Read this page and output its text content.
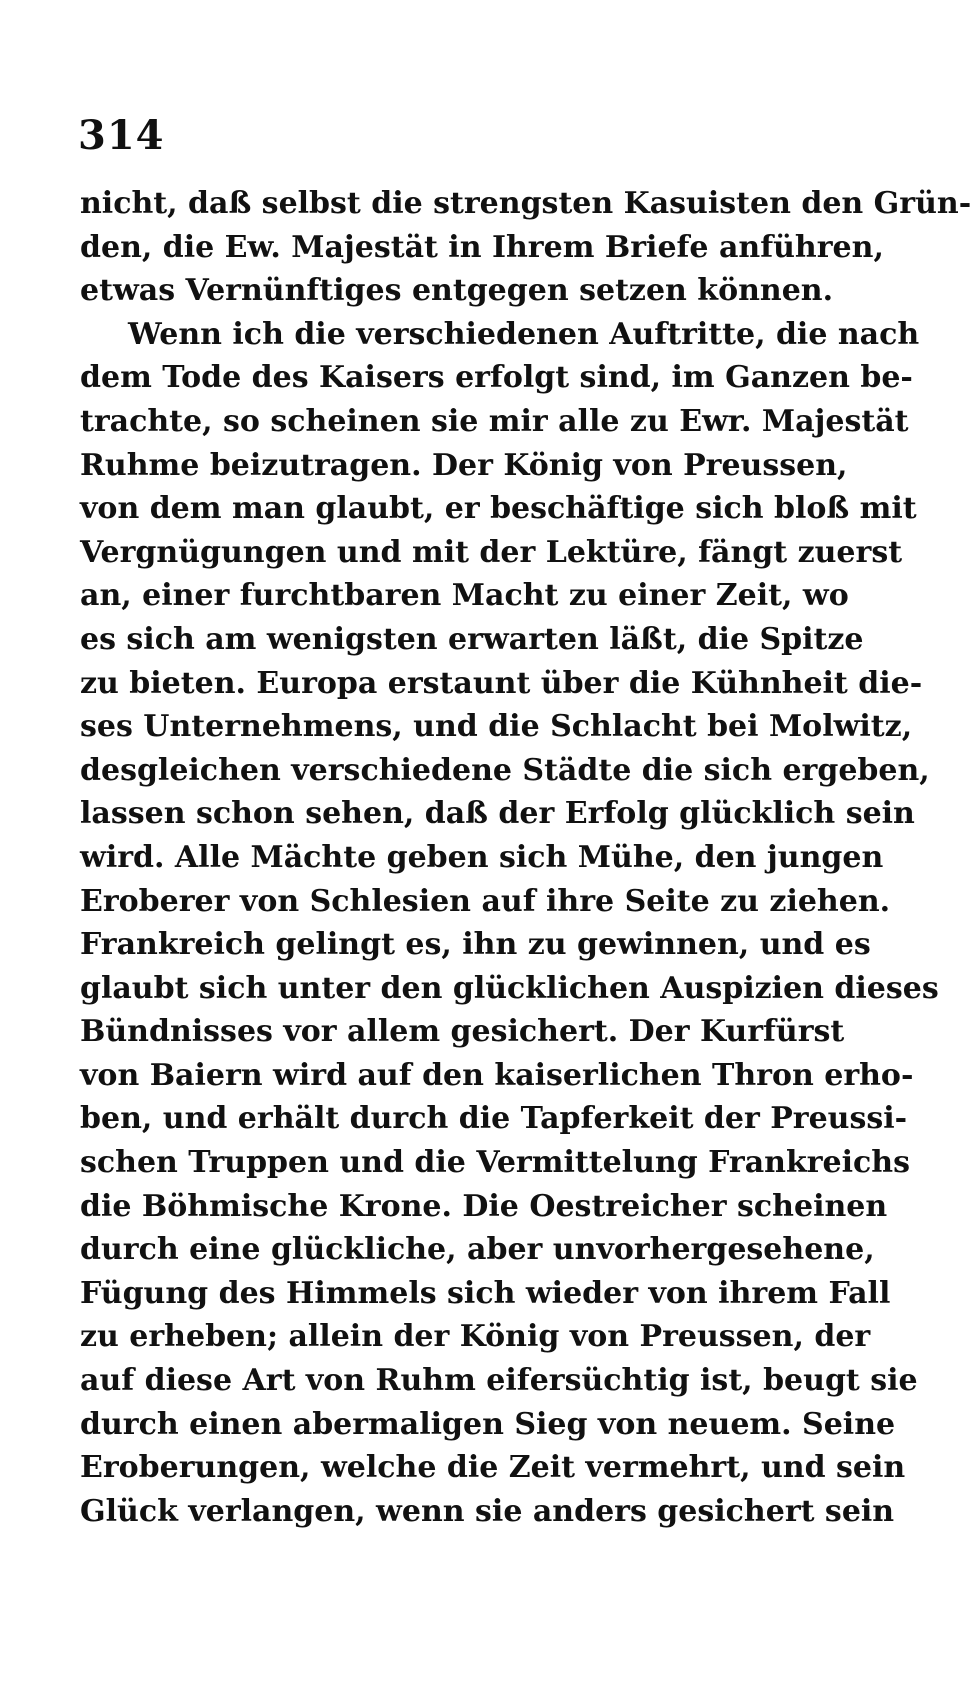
314
nicht, daß selbst die strengsten Kasuisten den Grün-
den, die Ew. Majestät in Ihrem Briefe anführen,
etwas Vernünftiges entgegen setzen können.
Wenn ich die verschiedenen Auftritte, die nach
dem Tode des Kaisers erfolgt sind, im Ganzen be-
trachte, so scheinen sie mir alle zu Ewr. Majestät
Ruhme beizutragen. Der König von Preussen,
von dem man glaubt, er beschäftige sich bloß mit
Vergnügungen und mit der Lektüre, fängt zuerst
an, einer furchtbaren Macht zu einer Zeit, wo
es sich am wenigsten erwarten läßt, die Spitze
zu bieten. Europa erstaunt über die Kühnheit die-
ses Unternehmens, und die Schlacht bei Molwitz,
desgleichen verschiedene Städte die sich ergeben,
lassen schon sehen, daß der Erfolg glücklich sein
wird. Alle Mächte geben sich Mühe, den jungen
Eroberer von Schlesien auf ihre Seite zu ziehen.
Frankreich gelingt es, ihn zu gewinnen, und es
glaubt sich unter den glücklichen Auspizien dieses
Bündnisses vor allem gesichert. Der Kurfürst
von Baiern wird auf den kaiserlichen Thron erho-
ben, und erhält durch die Tapferkeit der Preussi-
schen Truppen und die Vermittelung Frankreichs
die Böhmische Krone. Die Oestreicher scheinen
durch eine glückliche, aber unvorhergesehene,
Fügung des Himmels sich wieder von ihrem Fall
zu erheben; allein der König von Preussen, der
auf diese Art von Ruhm eifersüchtig ist, beugt sie
durch einen abermaligen Sieg von neuem. Seine
Eroberungen, welche die Zeit vermehrt, und sein
Glück verlangen, wenn sie anders gesichert sein
